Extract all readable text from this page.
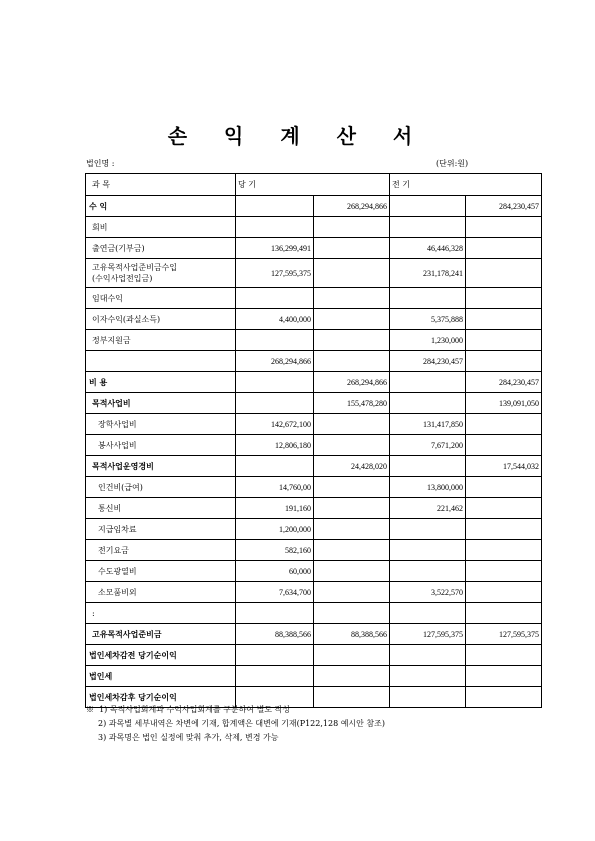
손 익 계 산 서
법인명 :	(단위:원)
과 목	당 기		전 기	
수 익		268,294,866		284,230,457
회비				
출연금(기부금)	136,299,491		46,446,328	
고유목적사업준비금수입
(수익사업전입금)	127,595,375		231,178,241	
임대수익				
이자수익(과실소득)	4,400,000		5,375,888	
정부지원금			1,230,000	
	268,294,866		284,230,457	
비 용		268,294,866		284,230,457
목적사업비		155,478,280		139,091,050
장학사업비	142,672,100		131,417,850	
봉사사업비	12,806,180		7,671,200	
목적사업운영경비		24,428,020		17,544,032
인건비(급여)	14,760,00		13,800,000	
통신비	191,160		221,462	
지급임차료	1,200,000			
전기요금	582,160			
수도광열비	60,000			
소모품비외	7,634,700		3,522,570	
:				
고유목적사업준비금	88,388,566	88,388,566	127,595,375	127,595,375
법인세차감전 당기순이익				
법인세				
법인세차감후 당기순이익				
※ 1) 목적사업회계과 수익사업회계를 구분하여 별도 작성
2) 과목별 세부내역은 차변에 기재, 합계액은 대변에 기재(P122,128 예시안 참조)
3) 과목명은 법인 실정에 맞춰 추가, 삭제, 변경 가능
